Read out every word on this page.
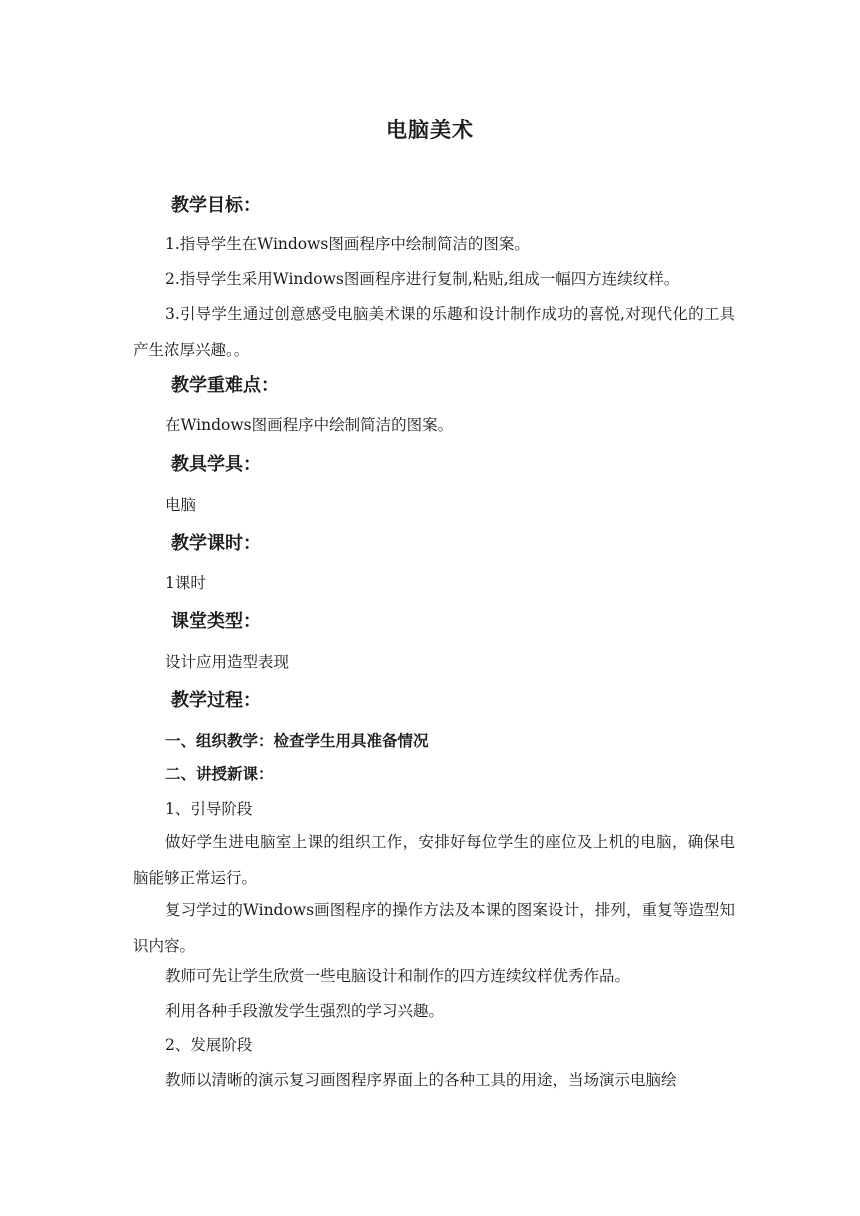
电脑美术
教学目标：
1.指导学生在Windows图画程序中绘制简洁的图案。
2.指导学生采用Windows图画程序进行复制,粘贴,组成一幅四方连续纹样。
3.引导学生通过创意感受电脑美术课的乐趣和设计制作成功的喜悦,对现代化的工具产生浓厚兴趣。。
教学重难点：
在Windows图画程序中绘制简洁的图案。
教具学具：
电脑
教学课时：
1课时
课堂类型：
设计应用造型表现
教学过程：
一、组织教学：检查学生用具准备情况
二、讲授新课：
1、引导阶段
做好学生进电脑室上课的组织工作，安排好每位学生的座位及上机的电脑，确保电脑能够正常运行。
复习学过的Windows画图程序的操作方法及本课的图案设计，排列，重复等造型知识内容。
教师可先让学生欣赏一些电脑设计和制作的四方连续纹样优秀作品。
利用各种手段激发学生强烈的学习兴趣。
2、发展阶段
教师以清晰的演示复习画图程序界面上的各种工具的用途，当场演示电脑绘
